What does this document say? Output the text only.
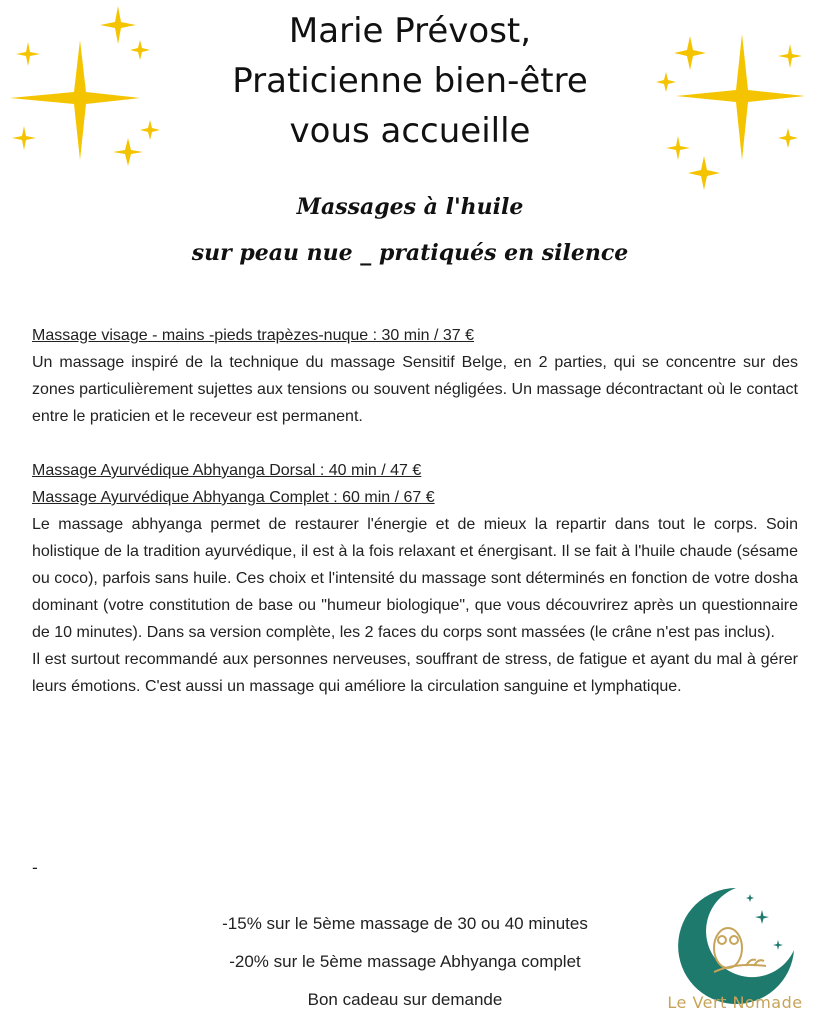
Marie Prévost,
Praticienne bien-être
vous accueille
Massages à l'huile
sur peau nue _ pratiqués en silence
Massage visage - mains -pieds trapèzes-nuque : 30 min / 37 €
Un massage inspiré de la technique du massage Sensitif Belge, en 2 parties, qui se concentre sur des zones particulièrement sujettes aux tensions ou souvent négligées. Un massage décontractant où le contact entre le praticien et le receveur est permanent.
Massage Ayurvédique Abhyanga Dorsal : 40 min / 47 €
Massage Ayurvédique Abhyanga Complet : 60 min / 67 €
Le massage abhyanga permet de restaurer l'énergie et de mieux la repartir dans tout le corps. Soin holistique de la tradition ayurvédique, il est à la fois relaxant et énergisant. Il se fait à l'huile chaude (sésame ou coco), parfois sans huile. Ces choix et l'intensité du massage sont déterminés en fonction de votre dosha dominant (votre constitution de base ou "humeur biologique", que vous découvrirez après un questionnaire de 10 minutes). Dans sa version complète, les 2 faces du corps sont massées (le crâne n'est pas inclus).
Il est surtout recommandé aux personnes nerveuses, souffrant de stress, de fatigue et ayant du mal à gérer leurs émotions. C'est aussi un massage qui améliore la circulation sanguine et lymphatique.
-
-15% sur le 5ème massage de 30 ou 40 minutes
-20% sur le 5ème massage Abhyanga complet
Bon cadeau sur demande	Le Vert Nomade
